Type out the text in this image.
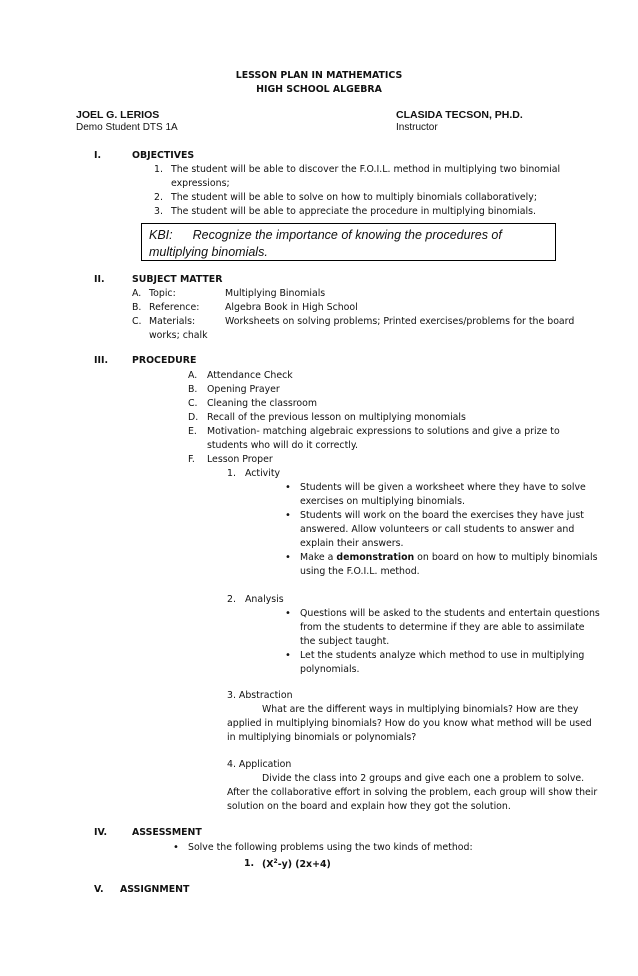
LESSON PLAN IN MATHEMATICS
HIGH SCHOOL ALGEBRA
JOEL G. LERIOS
Demo Student DTS 1A
CLASIDA TECSON, PH.D.
Instructor
I.	OBJECTIVES
1. The student will be able to discover the F.O.I.L. method in multiplying two binomial
expressions;
2. The student will be able to solve on how to multiply binomials collaboratively;
3. The student will be able to appreciate the procedure in multiplying binomials.
KBI: Recognize the importance of knowing the procedures of
multiplying binomials.
II.	SUBJECT MATTER
A. Topic:	Multiplying Binomials
B. Reference:	Algebra Book in High School
C. Materials:	Worksheets on solving problems; Printed exercises/problems for the board
works; chalk
III.	PROCEDURE
A. Attendance Check
B. Opening Prayer
C. Cleaning the classroom
D. Recall of the previous lesson on multiplying monomials
E. Motivation- matching algebraic expressions to solutions and give a prize to
students who will do it correctly.
F. Lesson Proper
1. Activity
• Students will be given a worksheet where they have to solve
exercises on multiplying binomials.
• Students will work on the board the exercises they have just
answered. Allow volunteers or call students to answer and
explain their answers.
• Make a demonstration on board on how to multiply binomials
using the F.O.I.L. method.
2. Analysis
• Questions will be asked to the students and entertain questions
from the students to determine if they are able to assimilate
the subject taught.
• Let the students analyze which method to use in multiplying
polynomials.
3. Abstraction
What are the different ways in multiplying binomials? How are they
applied in multiplying binomials? How do you know what method will be used
in multiplying binomials or polynomials?
4. Application
Divide the class into 2 groups and give each one a problem to solve.
After the collaborative effort in solving the problem, each group will show their
solution on the board and explain how they got the solution.
IV.	ASSESSMENT
• Solve the following problems using the two kinds of method:
1. $(X^2-y)$ (2x+4)
V. ASSIGNMENT
